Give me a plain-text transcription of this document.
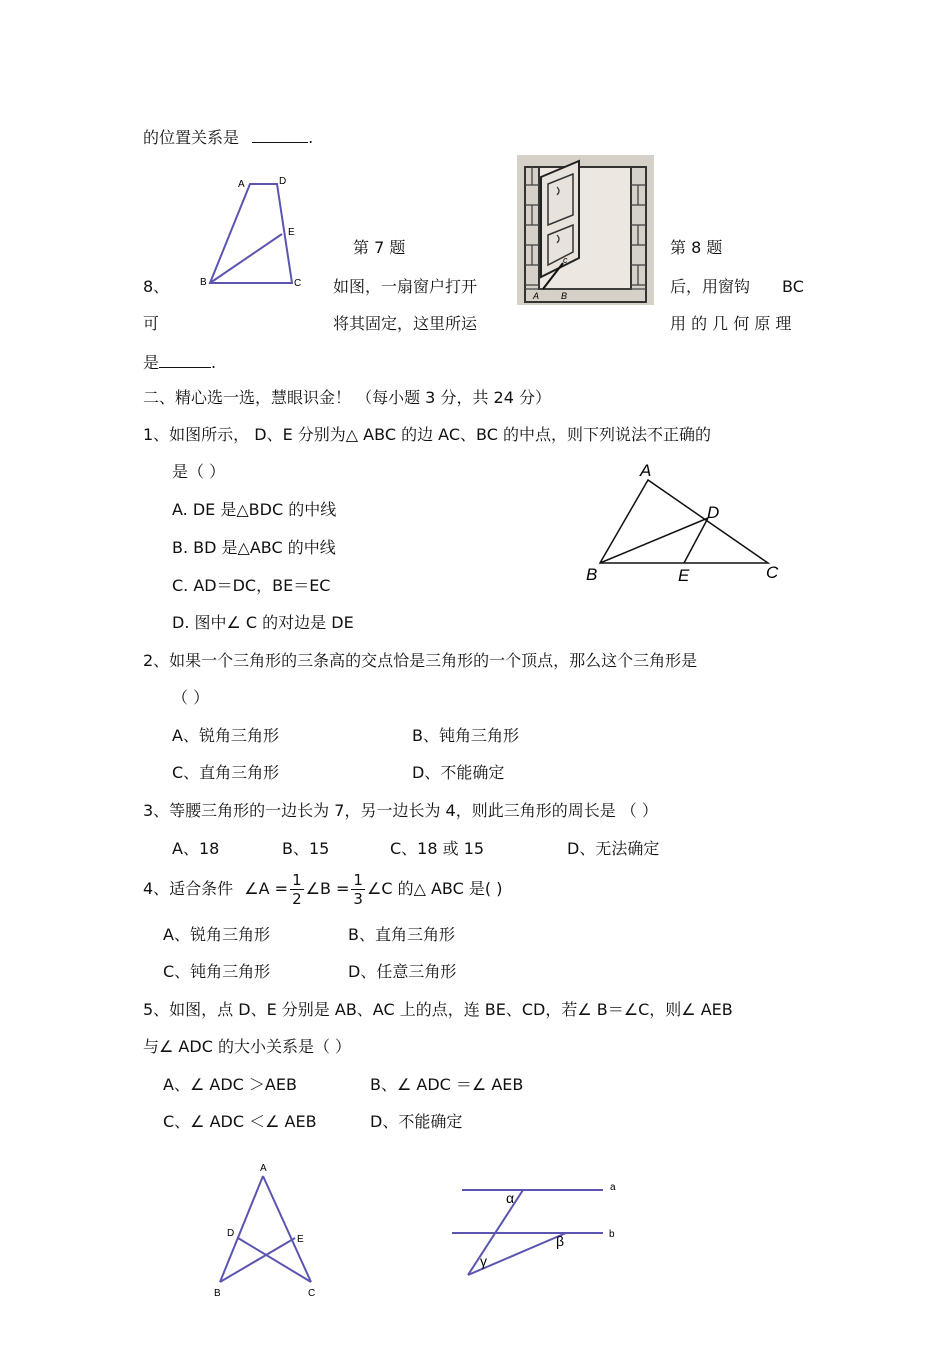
的位置关系是	.
A	D
E
B	C
第 7 题
A B
c
第 8 题
8、	如图，一扇窗户打开	后，用窗钩 BC
可	将其固定，这里所运	用 的 几 何 原 理
是	.
二、精心选一选，慧眼识金！ （每小题 3 分，共 24 分）
1、如图所示， D、E 分别为△ ABC 的边 AC、BC 的中点，则下列说法不正确的
是（ ）
A. DE 是△BDC 的中线
B. BD 是△ABC 的中线
C. AD＝DC，BE＝EC
D. 图中∠ C 的对边是 DE
A
D
B	E	C
2、如果一个三角形的三条高的交点恰是三角形的一个顶点，那么这个三角形是
（ ）
A、锐角三角形	B、钝角三角形
C、直角三角形	D、不能确定
3、等腰三角形的一边长为 7，另一边长为 4，则此三角形的周长是 （ ）
A、18	B、15	C、18 或 15	D、无法确定
4、适合条件 ∠A = $\frac{1}{2}$ ∠B = $\frac{1}{3}$ ∠C 的△ ABC 是( )
A、锐角三角形	B、直角三角形
C、钝角三角形	D、任意三角形
5、如图，点 D、E 分别是 AB、AC 上的点，连 BE、CD，若∠ B＝∠C，则∠ AEB
与∠ ADC 的大小关系是（ ）
A、∠ ADC ＞AEB	B、∠ ADC ＝∠ AEB
C、∠ ADC ＜∠ AEB	D、不能确定
A
D
E
B	C
a
b
α
β
γ
